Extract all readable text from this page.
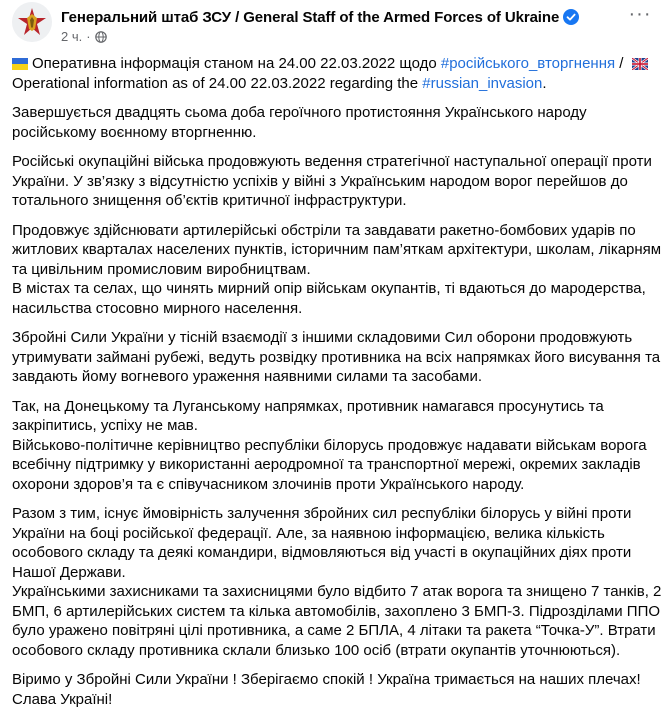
Генеральний штаб ЗСУ / General Staff of the Armed Forces of Ukraine
2 ч. ·
···

Оперативна інформація станом на 24.00 22.03.2022 щодо #російського_вторгнення /
Operational information as of 24.00 22.03.2022 regarding the #russian_invasion.

Завершується двадцять сьома доба героїчного протистояння Українського народу російському воєнному вторгненню.

Російські окупаційні війська продовжують ведення стратегічної наступальної операції проти України. У зв’язку з відсутністю успіхів у війні з Українським народом ворог перейшов до тотального знищення об’єктів критичної інфраструктури.

Продовжує здійснювати артилерійські обстріли та завдавати ракетно-бомбових ударів по житлових кварталах населених пунктів, історичним пам’яткам архітектури, школам, лікарням та цивільним промисловим виробництвам.
В містах та селах, що чинять мирний опір військам окупантів, ті вдаються до мародерства, насильства стосовно мирного населення.

Збройні Сили України у тісній взаємодії з іншими складовими Сил оборони продовжують утримувати займані рубежі, ведуть розвідку противника на всіх напрямках його висування та завдають йому вогневого ураження наявними силами та засобами.

Так, на Донецькому та Луганському напрямках, противник намагався просунутись та закріпитись, успіху не мав.
Військово-політичне керівництво республіки білорусь продовжує надавати військам ворога всебічну підтримку у використанні аеродромної та транспортної мережі, окремих закладів охорони здоров’я та є співучасником злочинів проти Українського народу.

Разом з тим, існує ймовірність залучення збройних сил республіки білорусь у війні проти України на боці російської федерації. Але, за наявною інформацією, велика кількість особового складу та деякі командири, відмовляються від участі в окупаційних діях проти Нашої Держави.
Українськими захисниками та захисницями було відбито 7 атак ворога та знищено 7 танків, 2 БМП, 6 артилерійських систем та кілька автомобілів, захоплено 3 БМП-3. Підрозділами ППО було уражено повітряні цілі противника, а саме 2 БПЛА, 4 літаки та ракета “Точка-У”. Втрати особового складу противника склали близько 100 осіб (втрати окупантів уточнюються).

Віримо у Збройні Сили України ! Зберігаємо спокій ! Україна тримається на наших плечах! Слава Україні!
